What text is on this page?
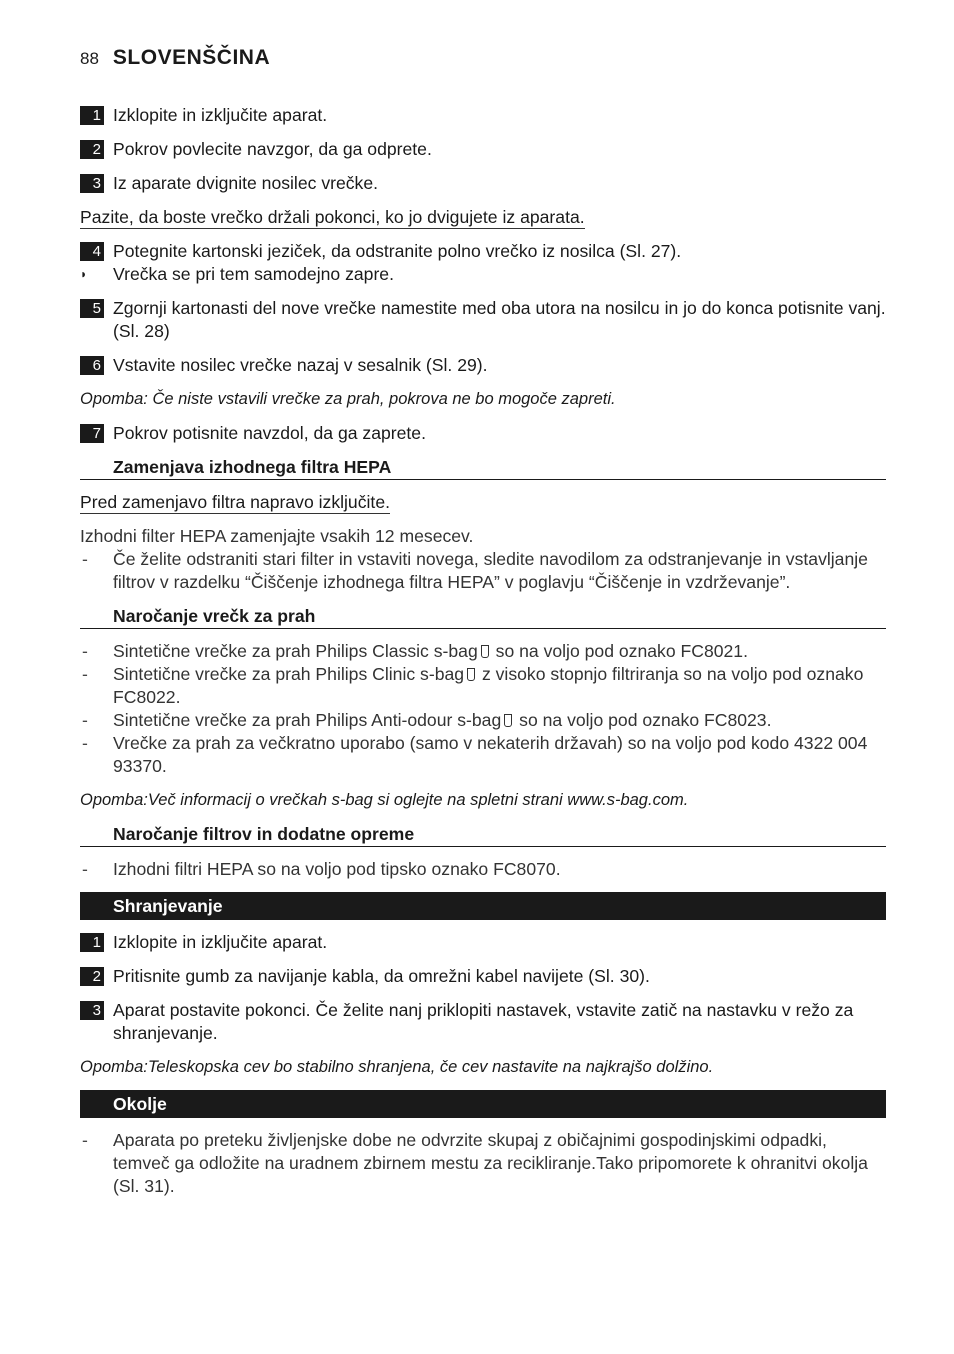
88 SLOVENŠČINA
1 Izklopite in izključite aparat.
2 Pokrov povlecite navzgor, da ga odprete.
3 Iz aparate dvignite nosilec vrečke.
Pazite, da boste vrečko držali pokonci, ko jo dvigujete iz aparata.
4 Potegnite kartonski jeziček, da odstranite polno vrečko iz nosilca (Sl. 27).
◗	Vrečka se pri tem samodejno zapre.
5 Zgornji kartonasti del nove vrečke namestite med oba utora na nosilcu in jo do konca potisnite vanj. (Sl. 28)
6 Vstavite nosilec vrečke nazaj v sesalnik (Sl. 29).
Opomba: Če niste vstavili vrečke za prah, pokrova ne bo mogoče zapreti.
7 Pokrov potisnite navzdol, da ga zaprete.
Zamenjava izhodnega filtra HEPA
Pred zamenjavo filtra napravo izključite.
Izhodni filter HEPA zamenjajte vsakih 12 mesecev.
-	Če želite odstraniti stari filter in vstaviti novega, sledite navodilom za odstranjevanje in vstavljanje filtrov v razdelku “Čiščenje izhodnega filtra HEPA” v poglavju “Čiščenje in vzdrževanje”.
Naročanje vrečk za prah
-	Sintetične vrečke za prah Philips Classic s-bag so na voljo pod oznako FC8021.
-	Sintetične vrečke za prah Philips Clinic s-bag z visoko stopnjo filtriranja so na voljo pod oznako FC8022.
-	Sintetične vrečke za prah Philips Anti-odour s-bag so na voljo pod oznako FC8023.
-	Vrečke za prah za večkratno uporabo (samo v nekaterih državah) so na voljo pod kodo 4322 004 93370.
Opomba:Več informacij o vrečkah s-bag si oglejte na spletni strani www.s-bag.com.
Naročanje filtrov in dodatne opreme
-	Izhodni filtri HEPA so na voljo pod tipsko oznako FC8070.
Shranjevanje
1 Izklopite in izključite aparat.
2 Pritisnite gumb za navijanje kabla, da omrežni kabel navijete (Sl. 30).
3 Aparat postavite pokonci. Če želite nanj priklopiti nastavek, vstavite zatič na nastavku v režo za shranjevanje.
Opomba:Teleskopska cev bo stabilno shranjena, če cev nastavite na najkrajšo dolžino.
Okolje
-	Aparata po preteku življenjske dobe ne odvrzite skupaj z običajnimi gospodinjskimi odpadki, temveč ga odložite na uradnem zbirnem mestu za recikliranje.Tako pripomorete k ohranitvi okolja (Sl. 31).
